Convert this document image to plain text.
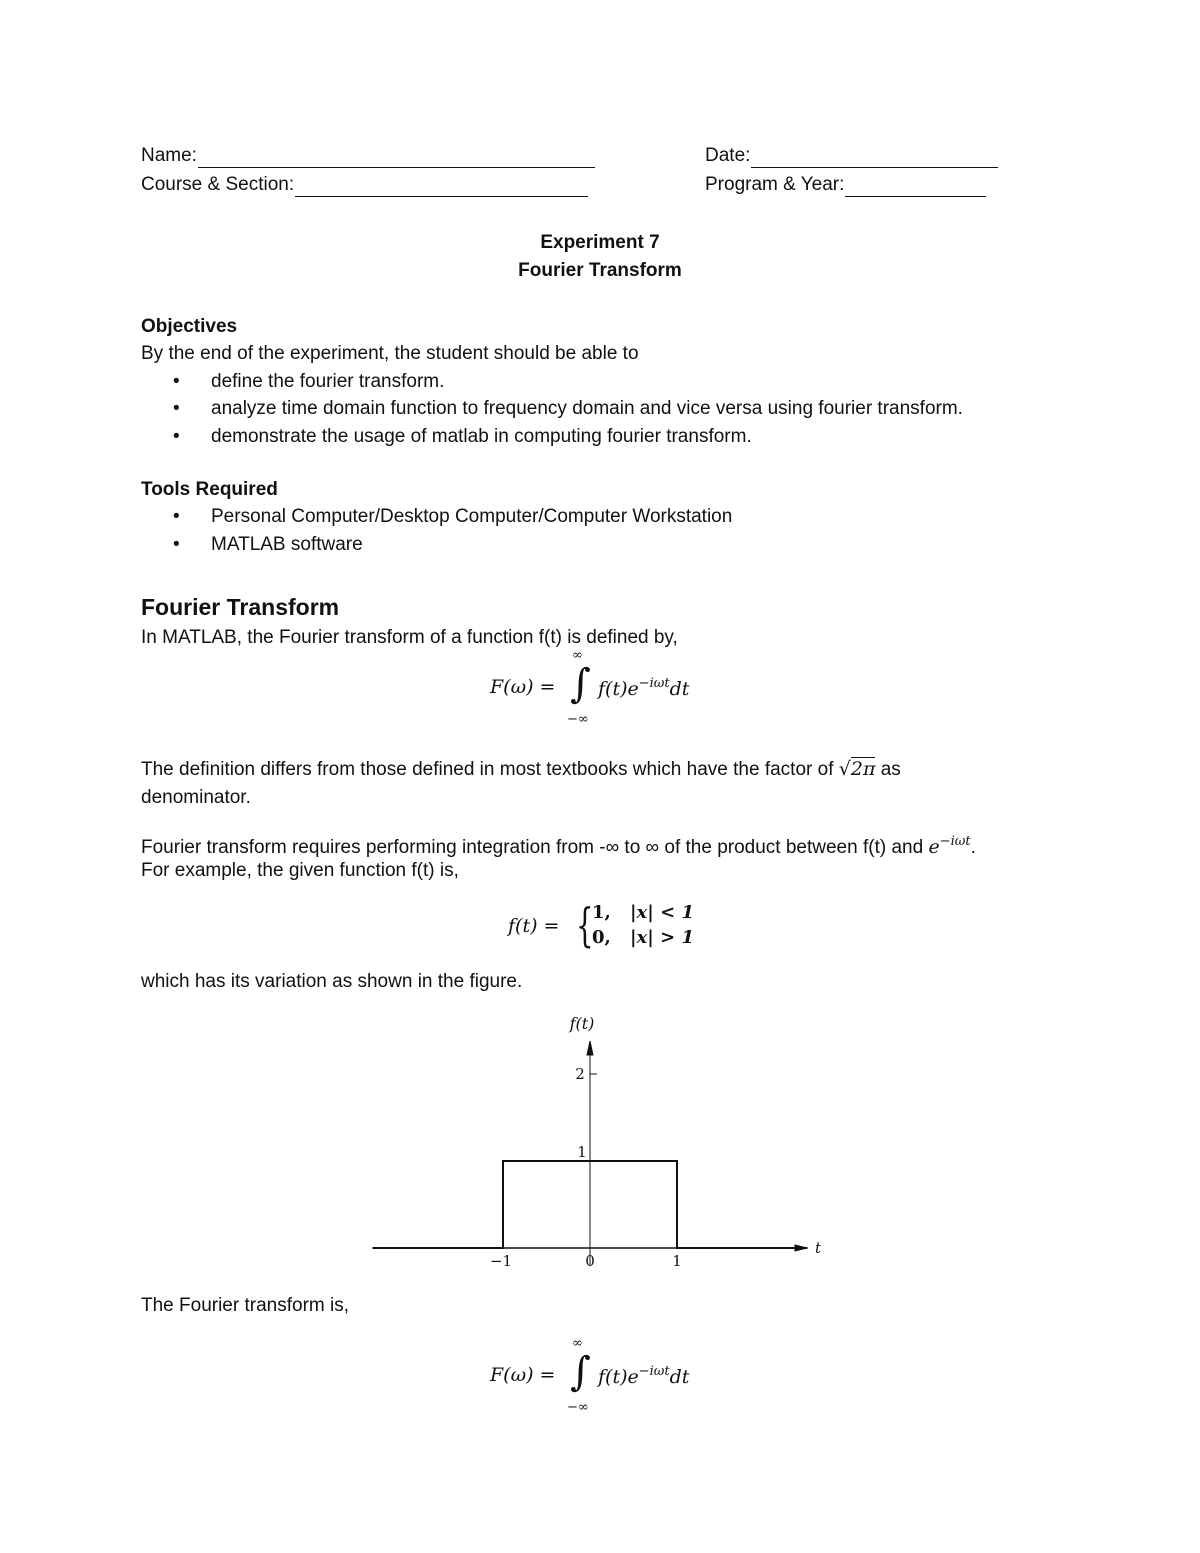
Name:	Date:
Course & Section:	Program & Year:
Experiment 7
Fourier Transform
Objectives
By the end of the experiment, the student should be able to
• define the fourier transform.
• analyze time domain function to frequency domain and vice versa using fourier transform.
• demonstrate the usage of matlab in computing fourier transform.
Tools Required
• Personal Computer/Desktop Computer/Computer Workstation
• MATLAB software
Fourier Transform
In MATLAB, the Fourier transform of a function f(t) is defined by,
F(ω) =
∞
∫
−∞
$f(t)e^{-i\omega t}dt$
The definition differs from those defined in most textbooks which have the factor of √2π as
denominator.
Fourier transform requires performing integration from -∞ to ∞ of the product between f(t) and $e^{-i\omega t}$.
For example, the given function f(t) is,
f(t) = {
1, |x| < 1
0, |x| > 1
which has its variation as shown in the figure.
f(t)
t
2
1
−1	0	1
The Fourier transform is,
F(ω) =
∞
∫
−∞
$f(t)e^{-i\omega t}dt$
